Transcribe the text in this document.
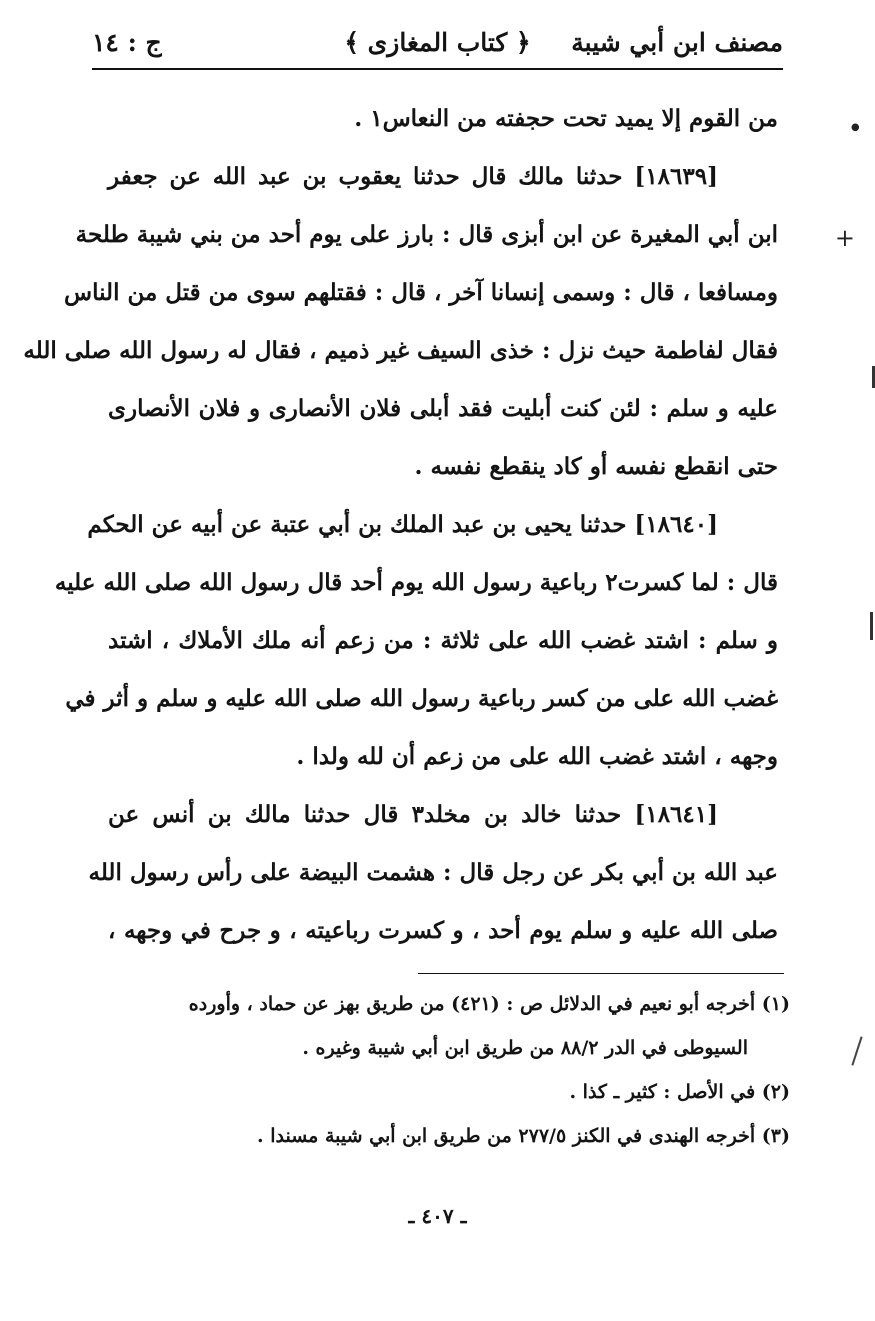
مصنف ابن أبي شيبة
﴿ كتاب المغازى ﴾
ج : ١٤
من القوم إلا يميد تحت حجفته من النعاس١ .
[١٨٦٣٩] حدثنا مالك قال حدثنا يعقوب بن عبد الله عن جعفر
ابن أبي المغيرة عن ابن أبزى قال : بارز على يوم أحد من بني شيبة طلحة
ومسافعا ، قال : وسمى إنسانا آخر ، قال : فقتلهم سوى من قتل من الناس
فقال لفاطمة حيث نزل : خذى السيف غير ذميم ، فقال له رسول الله صلى الله
عليه و سلم : لئن كنت أبليت فقد أبلى فلان الأنصارى و فلان الأنصارى
حتى انقطع نفسه أو كاد ينقطع نفسه .
[١٨٦٤٠] حدثنا يحيى بن عبد الملك بن أبي عتبة عن أبيه عن الحكم
قال : لما كسرت٢ رباعية رسول الله يوم أحد قال رسول الله صلى الله عليه
و سلم : اشتد غضب الله على ثلاثة : من زعم أنه ملك الأملاك ، اشتد
غضب الله على من كسر رباعية رسول الله صلى الله عليه و سلم و أثر في
وجهه ، اشتد غضب الله على من زعم أن لله ولدا .
[١٨٦٤١] حدثنا خالد بن مخلد٣ قال حدثنا مالك بن أنس عن
عبد الله بن أبي بكر عن رجل قال : هشمت البيضة على رأس رسول الله
صلى الله عليه و سلم يوم أحد ، و كسرت رباعيته ، و جرح في وجهه ،
(١) أخرجه أبو نعيم في الدلائل ص : (٤٢١) من طريق بهز عن حماد ، وأورده
السيوطى في الدر ٨٨/٢ من طريق ابن أبي شيبة وغيره .
(٢) في الأصل : كثير ـ كذا .
(٣) أخرجه الهندى في الكنز ٢٧٧/٥ من طريق ابن أبي شيبة مسندا .
ـ ٤٠٧ ـ
•
+
